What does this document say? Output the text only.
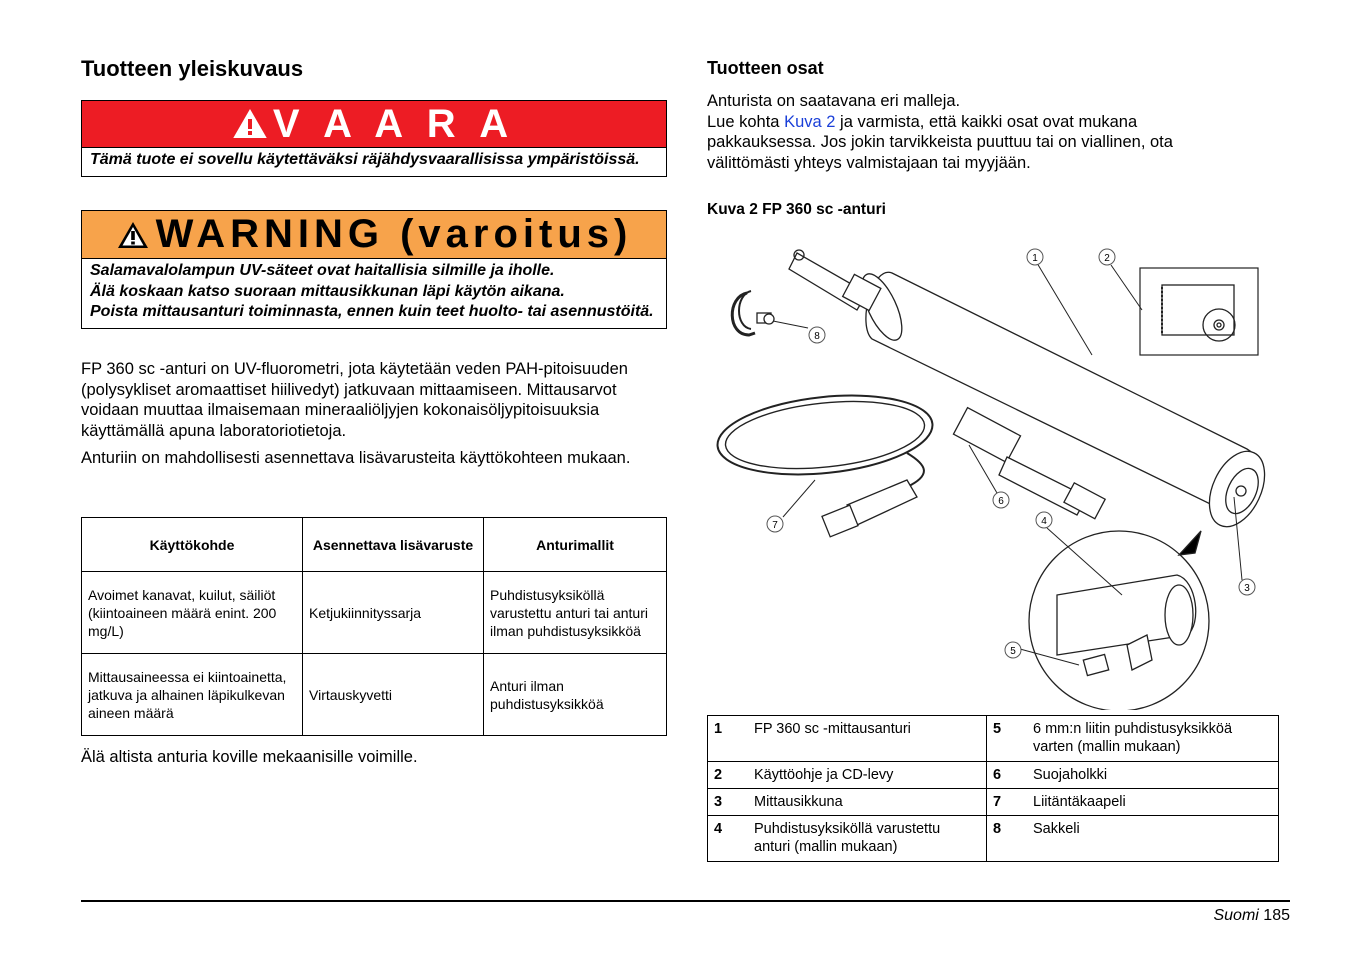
Tuotteen yleiskuvaus
V A A R A
Tämä tuote ei sovellu käytettäväksi räjähdysvaarallisissa ympäristöissä.
WARNING (varoitus)
Salamavalolampun UV-säteet ovat haitallisia silmille ja iholle.
Älä koskaan katso suoraan mittausikkunan läpi käytön aikana.
Poista mittausanturi toiminnasta, ennen kuin teet huolto- tai asennustöitä.
FP 360 sc -anturi on UV-fluorometri, jota käytetään veden PAH-pitoisuuden (polysykliset aromaattiset hiilivedyt) jatkuvaan mittaamiseen. Mittausarvot voidaan muuttaa ilmaisemaan mineraaliöljyjen kokonaisöljypitoisuuksia käyttämällä apuna laboratoriotietoja.
Anturiin on mahdollisesti asennettava lisävarusteita käyttökohteen mukaan.
Käyttökohde	Asennettava lisävaruste	Anturimallit
Avoimet kanavat, kuilut, säiliöt (kiintoaineen määrä enint. 200 mg/L)	Ketjukiinnityssarja	Puhdistusyksiköllä varustettu anturi tai anturi ilman puhdistusyksikköä
Mittausaineessa ei kiintoainetta, jatkuva ja alhainen läpikulkevan aineen määrä	Virtauskyvetti	Anturi ilman puhdistusyksikköä
Älä altista anturia koville mekaanisille voimille.
Tuotteen osat
Anturista on saatavana eri malleja.
Lue kohta Kuva 2 ja varmista, että kaikki osat ovat mukana pakkauksessa. Jos jokin tarvikkeista puuttuu tai on viallinen, ota välittömästi yhteys valmistajaan tai myyjään.
Kuva 2 FP 360 sc -anturi
1	2
3
4
5
6
7
8
1	FP 360 sc -mittausanturi	5	6 mm:n liitin puhdistusyksikköä varten (mallin mukaan)
2	Käyttöohje ja CD-levy	6	Suojaholkki
3	Mittausikkuna	7	Liitäntäkaapeli
4	Puhdistusyksiköllä varustettu anturi (mallin mukaan)	8	Sakkeli
Suomi 185
